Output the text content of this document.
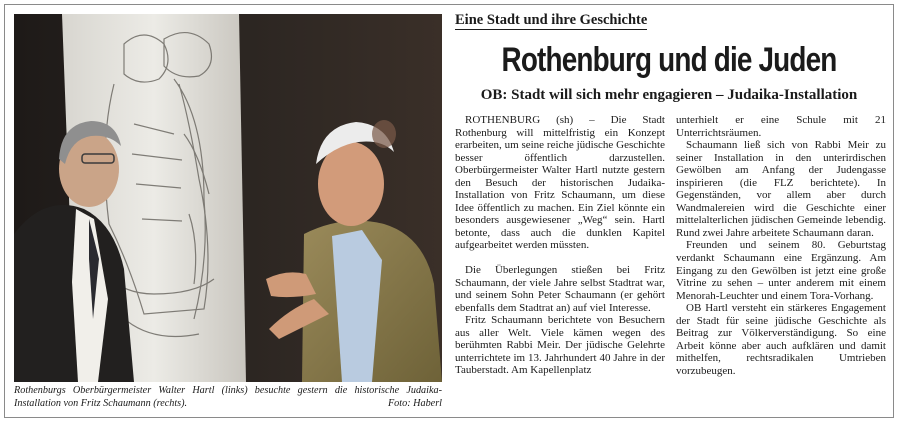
Rothenburgs Oberbürgermeister Walter Hartl (links) besuchte gestern die historische Judaika-Installation von Fritz Schaumann (rechts).	Foto: Haberl
Eine Stadt und ihre Geschichte
Rothenburg und die Juden
OB: Stadt will sich mehr engagieren – Judaika-Installation

ROTHENBURG (sh) – Die Stadt Rothenburg will mittelfristig ein Konzept erarbeiten, um seine reiche jüdische Geschichte besser öffentlich darzustellen. Oberbürgermeister Walter Hartl nutzte gestern den Besuch der historischen Judaika-Installation von Fritz Schaumann, um diese Idee öffentlich zu machen. Ein Ziel könnte ein besonders ausgewiesener „Weg“ sein. Hartl betonte, dass auch die dunklen Kapitel aufgearbeitet werden müssten.

Die Überlegungen stießen bei Fritz Schaumann, der viele Jahre selbst Stadtrat war, und seinem Sohn Peter Schaumann (er gehört ebenfalls dem Stadtrat an) auf viel Interesse.

Fritz Schaumann berichtete von Besuchern aus aller Welt. Viele kämen wegen des berühmten Rabbi Meir. Der jüdische Gelehrte unterrichtete im 13. Jahrhundert 40 Jahre in der Tauberstadt. Am Kapellenplatz

unterhielt er eine Schule mit 21 Unterrichtsräumen.

Schaumann ließ sich von Rabbi Meir zu seiner Installation in den unterirdischen Gewölben am Anfang der Judengasse inspirieren (die FLZ berichtete). In Gegenständen, vor allem aber durch Wandmalereien wird die Geschichte einer mittelalterlichen jüdischen Gemeinde lebendig. Rund zwei Jahre arbeitete Schaumann daran.

Freunden und seinem 80. Geburtstag verdankt Schaumann eine Ergänzung. Am Eingang zu den Gewölben ist jetzt eine große Vitrine zu sehen – unter anderem mit einem Menorah-Leuchter und einem Tora-Vorhang.

OB Hartl versteht ein stärkeres Engagement der Stadt für seine jüdische Geschichte als Beitrag zur Völkerverständigung. So eine Arbeit könne aber auch aufklären und damit mithelfen, rechtsradikalen Umtrieben vorzubeugen.
